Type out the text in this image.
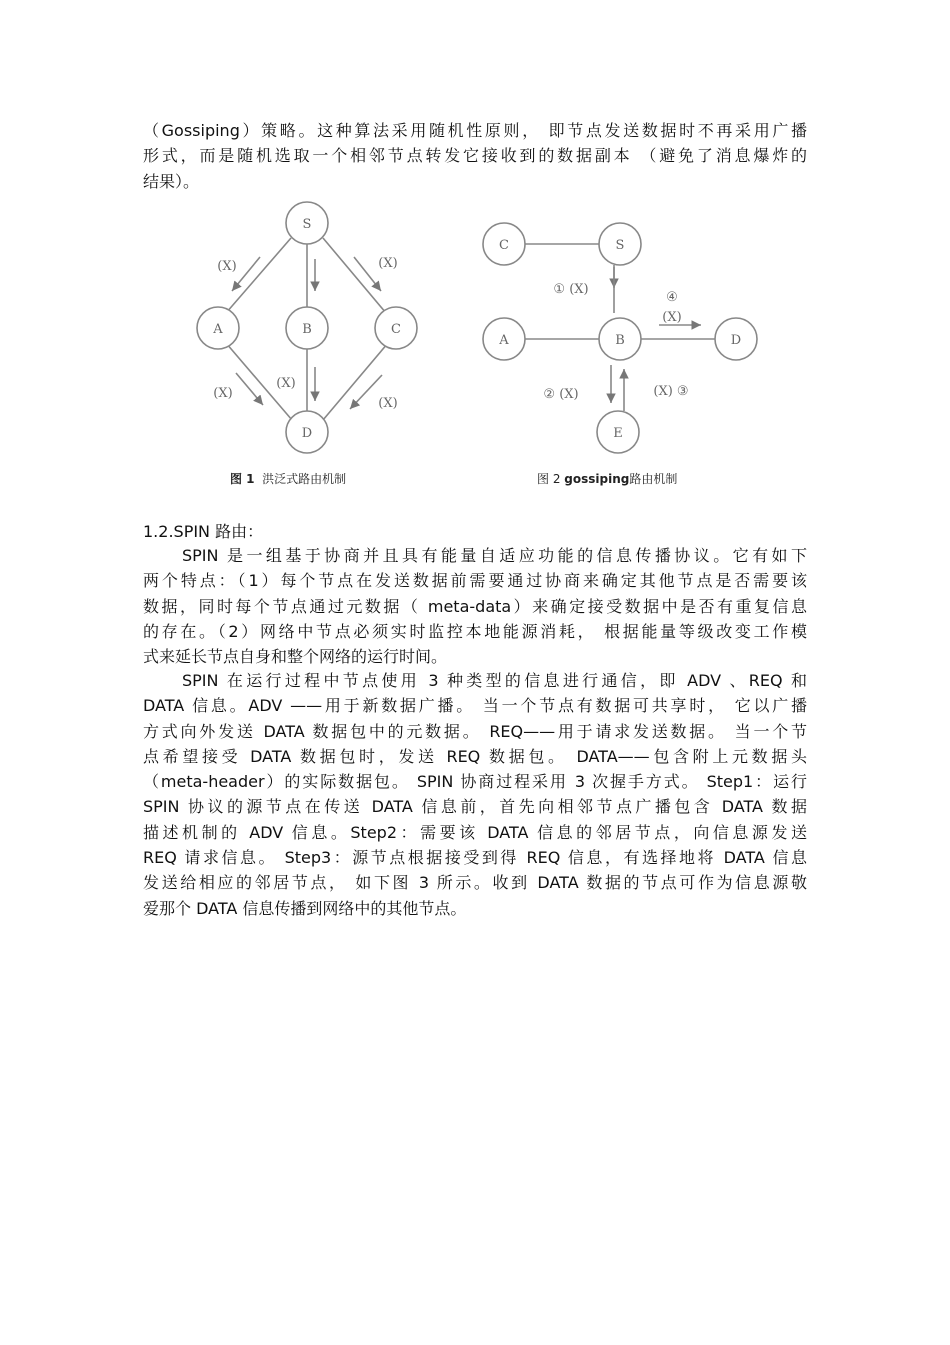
（Gossiping）策略。这种算法采用随机性原则， 即节点发送数据时不再采用广播
形式，而是随机选取一个相邻节点转发它接收到的数据副本 （避免了消息爆炸的
结果）。
S
A	B	C
D
(X)	(X)
(X)
(X)
(X)
图 1 洪泛式路由机制
C	S
A	B	D
E
① (X)
④
(X)
② (X)	(X) ③
图 2 gossiping路由机制
1.2.SPIN 路由：
SPIN 是一组基于协商并且具有能量自适应功能的信息传播协议。它有如下
两个特点：（1）每个节点在发送数据前需要通过协商来确定其他节点是否需要该
数据，同时每个节点通过元数据（ meta-data）来确定接受数据中是否有重复信息
的存在。（2）网络中节点必须实时监控本地能源消耗， 根据能量等级改变工作模
式来延长节点自身和整个网络的运行时间。
SPIN 在运行过程中节点使用 3 种类型的信息进行通信，即 ADV 、REQ 和
DATA 信息。ADV ——用于新数据广播。 当一个节点有数据可共享时， 它以广播
方式向外发送 DATA 数据包中的元数据。 REQ——用于请求发送数据。 当一个节
点希望接受 DATA 数据包时，发送 REQ 数据包。 DATA——包含附上元数据头
（meta-header）的实际数据包。 SPIN 协商过程采用 3 次握手方式。 Step1：运行
SPIN 协议的源节点在传送 DATA 信息前，首先向相邻节点广播包含 DATA 数据
描述机制的 ADV 信息。Step2：需要该 DATA 信息的邻居节点，向信息源发送
REQ 请求信息。 Step3：源节点根据接受到得 REQ 信息，有选择地将 DATA 信息
发送给相应的邻居节点， 如下图 3 所示。收到 DATA 数据的节点可作为信息源敬
爱那个 DATA 信息传播到网络中的其他节点。
